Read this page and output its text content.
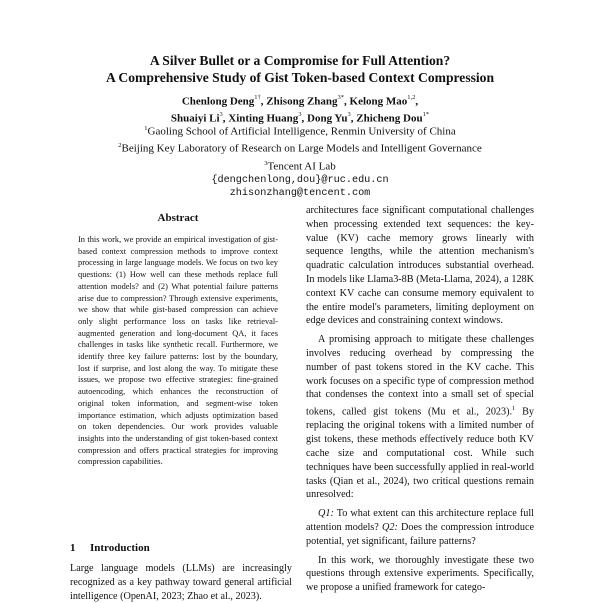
A Silver Bullet or a Compromise for Full Attention?
A Comprehensive Study of Gist Token-based Context Compression
Chenlong Deng$^{1\dagger}$, Zhisong Zhang$^{3*}$, Kelong Mao$^{1,2}$,
Shuaiyi Li$^3$, Xinting Huang$^3$, Dong Yu$^3$, Zhicheng Dou$^{1*}$
$^1$Gaoling School of Artificial Intelligence, Renmin University of China
$^2$Beijing Key Laboratory of Research on Large Models and Intelligent Governance
$^3$Tencent AI Lab
{dengchenlong,dou}@ruc.edu.cn
zhisonzhang@tencent.com
Abstract

In this work, we provide an empirical investigation of gist-based context compression methods to improve context processing in large language models. We focus on two key questions: (1) How well can these methods replace full attention models? and (2) What potential failure patterns arise due to compression? Through extensive experiments, we show that while gist-based compression can achieve only slight performance loss on tasks like retrieval-augmented generation and long-document QA, it faces challenges in tasks like synthetic recall. Furthermore, we identify three key failure patterns: lost by the boundary, lost if surprise, and lost along the way. To mitigate these issues, we propose two effective strategies: fine-grained autoencoding, which enhances the reconstruction of original token information, and segment-wise token importance estimation, which adjusts optimization based on token dependencies. Our work provides valuable insights into the understanding of gist token-based context compression and offers practical strategies for improving compression capabilities.

1 Introduction

Large language models (LLMs) are increasingly recognized as a key pathway toward general artificial intelligence (OpenAI, 2023; Zhao et al., 2023).

architectures face significant computational challenges when processing extended text sequences: the key-value (KV) cache memory grows linearly with sequence lengths, while the attention mechanism's quadratic calculation introduces substantial overhead. In models like Llama3-8B (Meta-Llama, 2024), a 128K context KV cache can consume memory equivalent to the entire model's parameters, limiting deployment on edge devices and constraining context windows.

A promising approach to mitigate these challenges involves reducing overhead by compressing the number of past tokens stored in the KV cache. This work focuses on a specific type of compression method that condenses the context into a small set of special tokens, called gist tokens (Mu et al., 2023).$^1$ By replacing the original tokens with a limited number of gist tokens, these methods effectively reduce both KV cache size and computational cost. While such techniques have been successfully applied in real-world tasks (Qian et al., 2024), two critical questions remain unresolved:

Q1: To what extent can this architecture replace full attention models? Q2: Does the compression introduce potential, yet significant, failure patterns?

In this work, we thoroughly investigate these two questions through extensive experiments. Specifically, we propose a unified framework for catego-
